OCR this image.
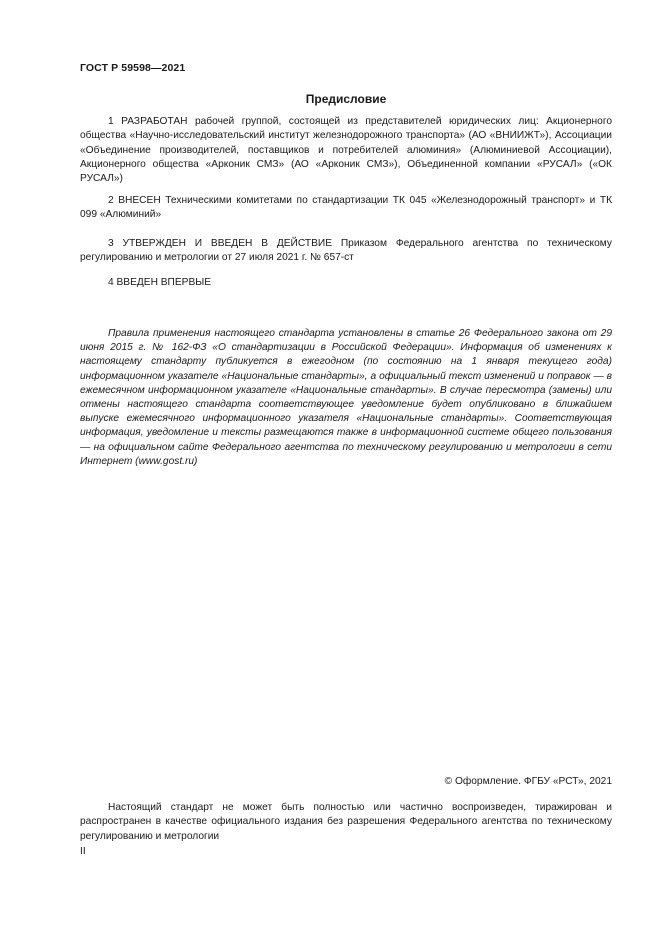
ГОСТ Р 59598—2021
Предисловие

1 РАЗРАБОТАН рабочей группой, состоящей из представителей юридических лиц: Акционерного общества «Научно-исследовательский институт железнодорожного транспорта» (АО «ВНИИЖТ»), Ассоциации «Объединение производителей, поставщиков и потребителей алюминия» (Алюминиевой Ассоциации), Акционерного общества «Арконик СМЗ» (АО «Арконик СМЗ»), Объединенной компании «РУСАЛ» («ОК РУСАЛ»)

2 ВНЕСЕН Техническими комитетами по стандартизации ТК 045 «Железнодорожный транспорт» и ТК 099 «Алюминий»

3 УТВЕРЖДЕН И ВВЕДЕН В ДЕЙСТВИЕ Приказом Федерального агентства по техническому регулированию и метрологии от 27 июля 2021 г. № 657-ст

4 ВВЕДЕН ВПЕРВЫЕ

Правила применения настоящего стандарта установлены в статье 26 Федерального закона от 29 июня 2015 г. № 162-ФЗ «О стандартизации в Российской Федерации». Информация об изменениях к настоящему стандарту публикуется в ежегодном (по состоянию на 1 января текущего года) информационном указателе «Национальные стандарты», а официальный текст изменений и поправок — в ежемесячном информационном указателе «Национальные стандарты». В случае пересмотра (замены) или отмены настоящего стандарта соответствующее уведомление будет опубликовано в ближайшем выпуске ежемесячного информационного указателя «Национальные стандарты». Соответствующая информация, уведомление и тексты размещаются также в информационной системе общего пользования — на официальном сайте Федерального агентства по техническому регулированию и метрологии в сети Интернет (www.gost.ru)

© Оформление. ФГБУ «РСТ», 2021

Настоящий стандарт не может быть полностью или частично воспроизведен, тиражирован и распространен в качестве официального издания без разрешения Федерального агентства по техническому регулированию и метрологии

II
